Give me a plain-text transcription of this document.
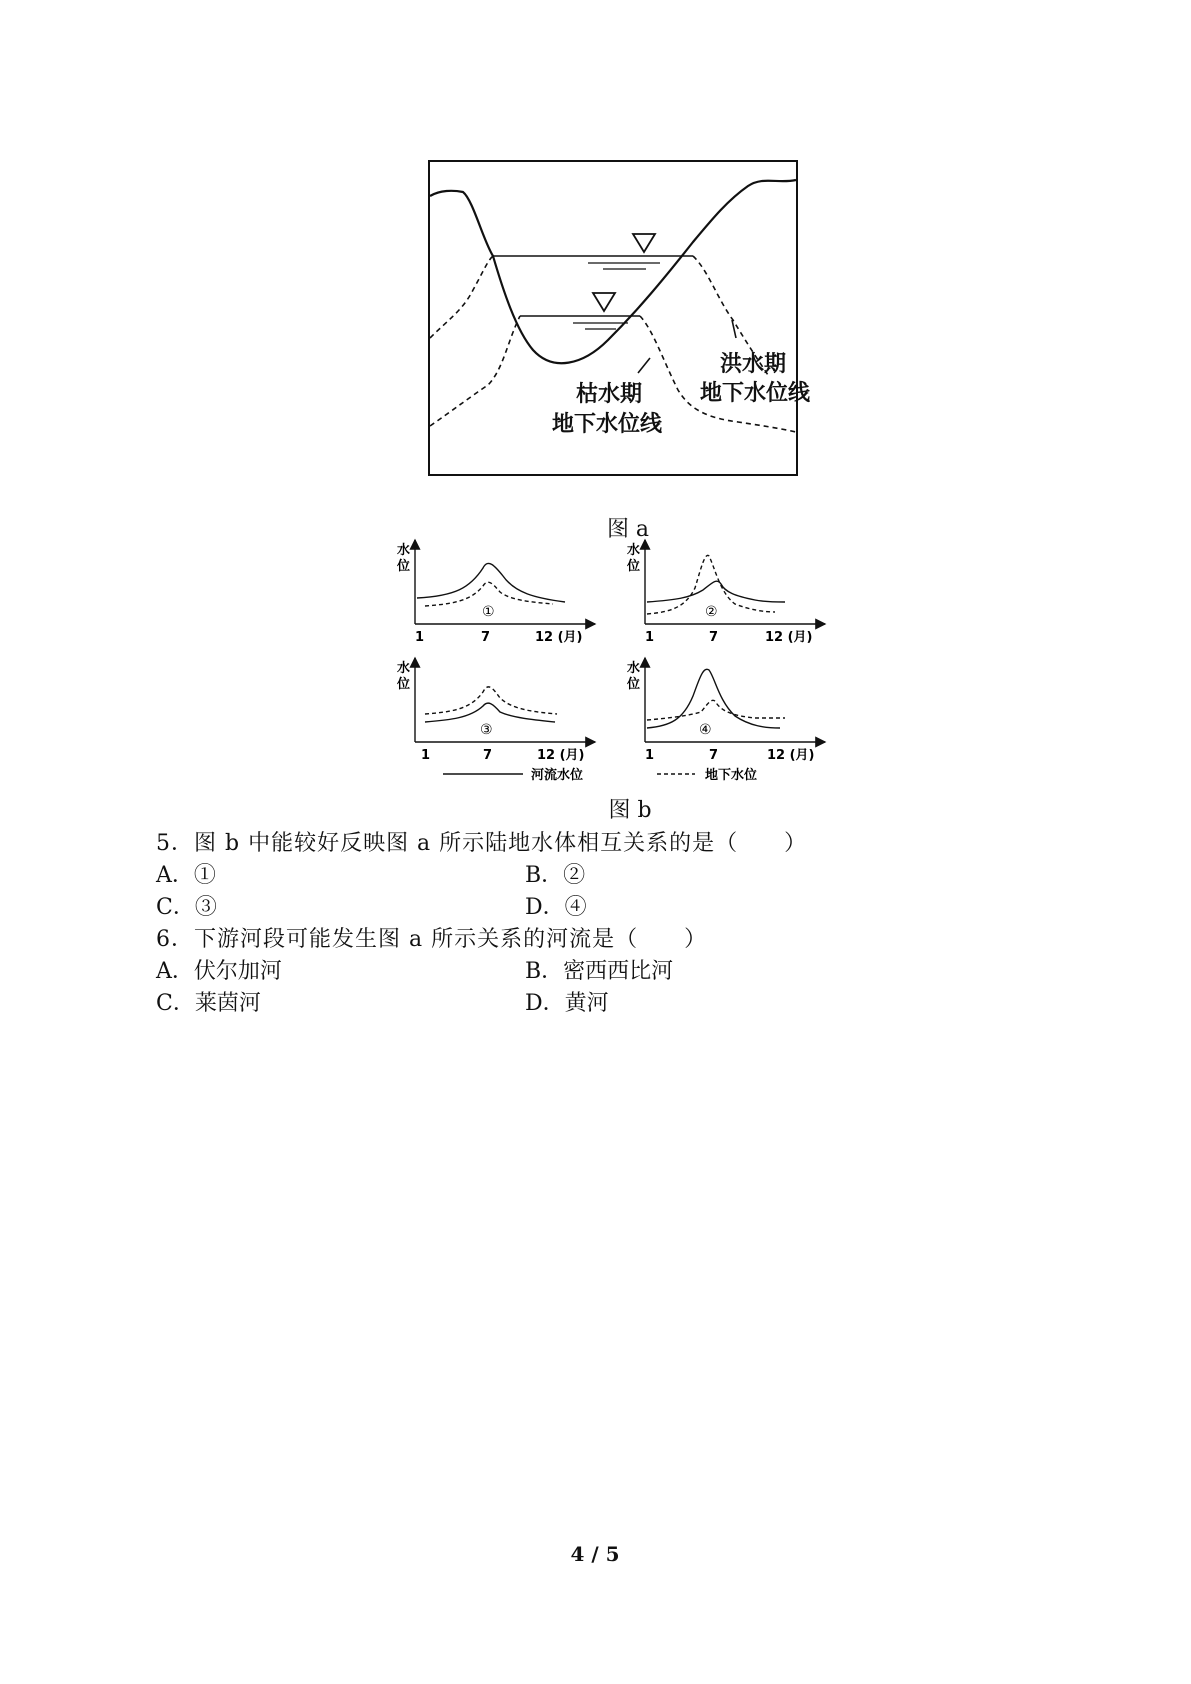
枯水期
地下水位线
洪水期
地下水位线
图 a
水
位
①
1	7	12 (月)
水
位
②
1	7	12 (月)
水
位
③
1	7	12 (月)
水
位
④
1	7	12 (月)
河流水位	地下水位
图 b
5．图 b 中能较好反映图 a 所示陆地水体相互关系的是（　　）
A．①	B．②
C．③	D．④
6．下游河段可能发生图 a 所示关系的河流是（　　）
A．伏尔加河	B．密西西比河
C．莱茵河	D．黄河
4 / 5
